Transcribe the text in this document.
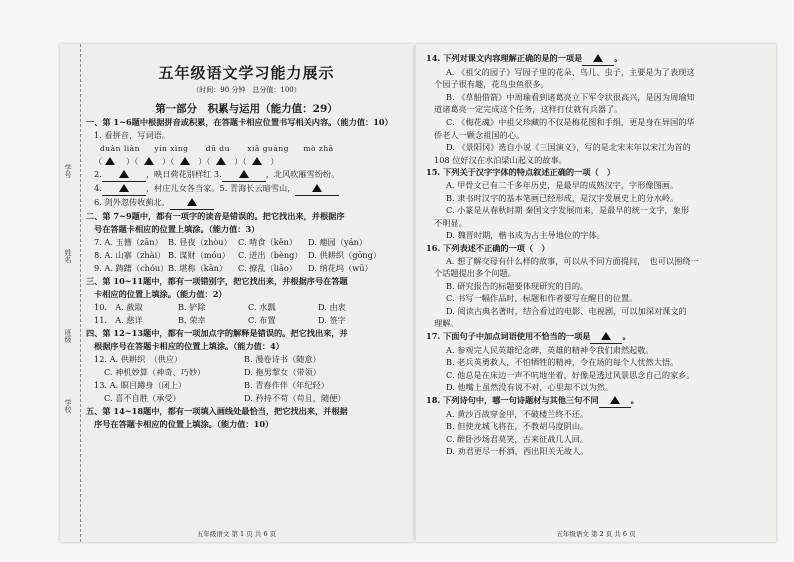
学号
姓名
班级
学校
五年级语文学习能力展示
（时间：90 分钟　总分值：100）
第一部分　积累与运用（能力值：29）
一、第 1~6题中根据拼音或积累，在答题卡相应位置书写相关内容。（能力值：10）
1. 看拼音，写词语。
duàn liàn yín xìng dū du xiā guàng mò zhā
（   ）（   ）（   ）（   ）（   ）
2.	，映日荷花别样红 3.	，北风吹雁雪纷纷。
4.	，村庄儿女各当家。5. 青海长云暗雪山，
6. 剑外忽传收蓟北，
二、第 7~9题中，都有一项字的读音是错误的。把它找出来，并根据序
号在答题卡相应的位置上填涂。（能力值：3）
7. A. 玉簪（zān） B. 昼夜（zhòu） C. 啃食（kěn） D. 瘪园（yán）
8. A. 山寨（zhài） B. 谋财（móu） C. 迸出（bèng） D. 供耕织（gōng）
9. A. 踌躇（chóu）B. 堪称（kān） C. 撩乱（liāo） D. 纳花坞（wū）
三、第 10~11题中，都有一项错别字，把它找出来，并根据序号在答题
卡相应的位置上填涂。（能力值：2）
10.　A. 截取	B. 铲除	C. 水瓢	D. 由衷
11.　A. 慈详	B. 荣幸	C. 布置	D. 签字
四、第 12~13题中，都有一项加点字的解释是错误的。把它找出来，并
根据序号在答题卡相应的位置上填涂。（能力值：4）
12. A. 供耕织　（供应）	B. 漫卷诗书（随意）
C. 神机妙算（神奇、巧妙）	D. 拖男挈女（带领）
13. A. 瞑目蹲身（闭上）	B. 青春作伴（年纪轻）
C. 喜不自胜（承受）	D. 矜持不苟（苟且，随便）
五、第 14~18题中，都有一项填入画线处最恰当，把它找出来，并根据
序号在答题卡相应的位置上填涂。（能力值：10）
五年级语文 第 1 页 共 6 页
14. 下列对课文内容理解正确的是的一项是	。
A. 《祖父的园子》写园子里的花朵、鸟儿、虫子，主要是为了表现这
个园子很有趣，花鸟虫鱼很多。
B. 《草船借箭》中周瑜看到诸葛亮立下军令状很高兴，是因为周瑜知
道诸葛亮一定完成这个任务，这样打仗就有兵器了。
C. 《梅花魂》中祖父珍藏的不仅是梅花图和手绢，更是身在异国的华
侨老人一颗念祖国的心。
D. 《景阳冈》选自小说《三国演义》，写的是北宋末年以宋江为首的
108 位好汉在水泊梁山起义的故事。
15. 下列关于汉字字体的特点叙述正确的一项（　）
A. 甲骨文已有二千多年历史，是最早的成熟汉字，字形像图画。
B. 隶书时汉字的基本笔画已经形成，是汉字发展史上的分水岭。
C. 小篆是从春秋时期 秦国文字发展而来，是最早的统一文字，象形
不明显。
D. 魏晋时期，楷书成为占主导地位的字体。
16. 下列表述不正确的一项（　）
A. 想了解交母有什么样的故事，可以从不同方面提问，　也可以围绕一
个话题提出多个问题。
B. 研究报告的标题要体现研究的目的。
C. 书写一幅作品时，标题和作者要写在醒目的位置。
D. 阅读古典名著时，结合看过的电影、电视剧，可以加深对课文的
理解。
17. 下面句子中加点词语使用不恰当的一项是	。
A. 参观完人民英雄纪念碑，英雄的精神令我们肃然起敬。
B. 老兵英勇救人，不怕牺牲的精神，令在场的每个人忧然大悟。
C. 他总是在床边一声不吭地坐着，好像是透过风景思念自己的家乡。
D. 他嘴上虽然没有说不对，心里却不以为然。
18. 下列诗句中，哪一句诗题材与其他三句不同	。
A. 黄沙百战穿金甲，不破楼兰终不还。
B. 但使龙城飞将在，不教胡马度阴山。
C. 醉卧沙场君莫笑，古来征战几人回。
D. 劝君更尽一杯酒，西出阳关无故人。
五年级语文 第 2 页 共 6 页
